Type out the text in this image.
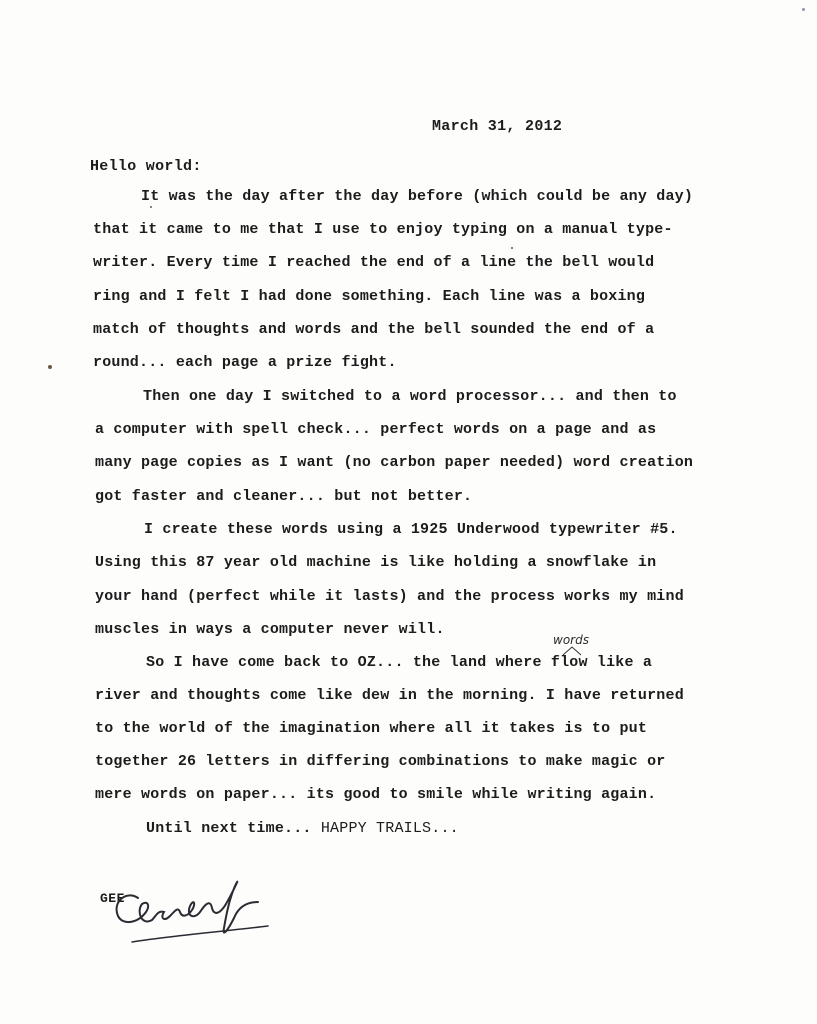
March 31, 2012
Hello world:
It was the day after the day before (which could be any day)
that it came to me that I use to enjoy typing on a manual type-
writer. Every time I reached the end of a line the bell would
ring and I felt I had done something. Each line was a boxing
match of thoughts and words and the bell sounded the end of a
round... each page a prize fight.
Then one day I switched to a word processor... and then to
a computer with spell check... perfect words on a page and as
many page copies as I want (no carbon paper needed) word creation
got faster and cleaner... but not better.
I create these words using a 1925 Underwood typewriter #5.
Using this 87 year old machine is like holding a snowflake in
your hand (perfect while it lasts) and the process works my mind
muscles in ways a computer never will.
So I have come back to OZ... the land where flow like a
words
river and thoughts come like dew in the morning. I have returned
to the world of the imagination where all it takes is to put
together 26 letters in differing combinations to make magic or
mere words on paper... its good to smile while writing again.
Until next time... HAPPY TRAILS...
GEE
